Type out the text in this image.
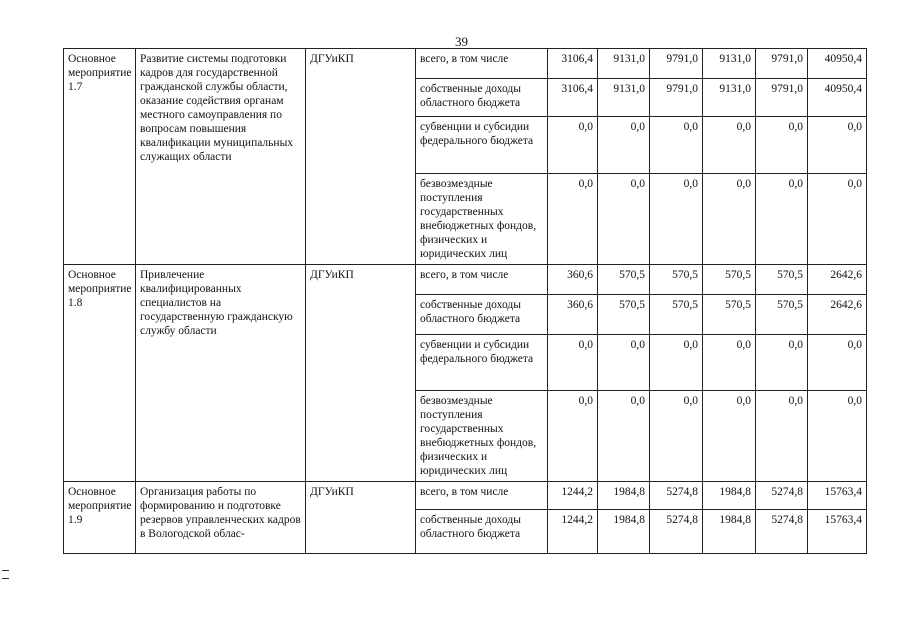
39
Основное мероприятие 1.7	Развитие системы подготовки кадров для государственной гражданской службы области, оказание содействия органам местного самоуправления по вопросам повышения квалификации муниципальных служащих области	ДГУиКП	всего, в том числе	3106,4	9131,0	9791,0	9131,0	9791,0	40950,4
			собственные доходы областного бюджета	3106,4	9131,0	9791,0	9131,0	9791,0	40950,4
			субвенции и субсидии федерального бюджета	0,0	0,0	0,0	0,0	0,0	0,0
			безвозмездные поступления государственных внебюджетных фондов, физических и юридических лиц	0,0	0,0	0,0	0,0	0,0	0,0
Основное мероприятие 1.8	Привлечение квалифицированных специалистов на государственную гражданскую службу области	ДГУиКП	всего, в том числе	360,6	570,5	570,5	570,5	570,5	2642,6
			собственные доходы областного бюджета	360,6	570,5	570,5	570,5	570,5	2642,6
			субвенции и субсидии федерального бюджета	0,0	0,0	0,0	0,0	0,0	0,0
			безвозмездные поступления государственных внебюджетных фондов, физических и юридических лиц	0,0	0,0	0,0	0,0	0,0	0,0
Основное мероприятие 1.9	Организация работы по формированию и подготовке резервов управленческих кадров в Вологодской облас-	ДГУиКП	всего, в том числе	1244,2	1984,8	5274,8	1984,8	5274,8	15763,4
			собственные доходы областного бюджета	1244,2	1984,8	5274,8	1984,8	5274,8	15763,4
